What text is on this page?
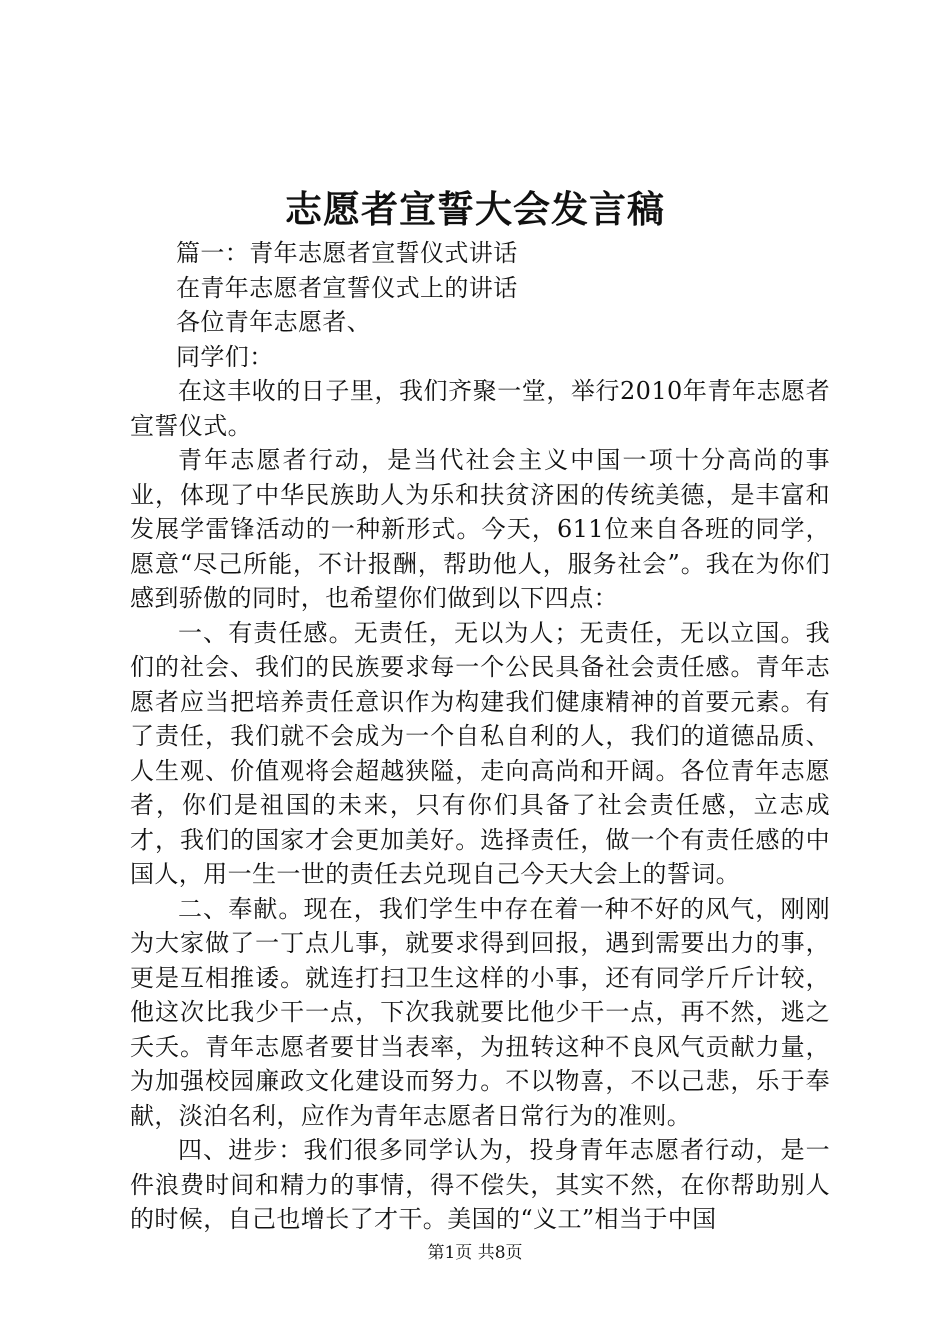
志愿者宣誓大会发言稿

篇一：青年志愿者宣誓仪式讲话

在青年志愿者宣誓仪式上的讲话

各位青年志愿者、

同学们：

在这丰收的日子里，我们齐聚一堂，举行2010年青年志愿者宣誓仪式。

青年志愿者行动，是当代社会主义中国一项十分高尚的事业，体现了中华民族助人为乐和扶贫济困的传统美德，是丰富和发展学雷锋活动的一种新形式。今天，611位来自各班的同学，愿意“尽己所能，不计报酬，帮助他人，服务社会”。我在为你们感到骄傲的同时，也希望你们做到以下四点：

一、有责任感。无责任，无以为人；无责任，无以立国。我们的社会、我们的民族要求每一个公民具备社会责任感。青年志愿者应当把培养责任意识作为构建我们健康精神的首要元素。有了责任，我们就不会成为一个自私自利的人，我们的道德品质、人生观、价值观将会超越狭隘，走向高尚和开阔。各位青年志愿者，你们是祖国的未来，只有你们具备了社会责任感，立志成才，我们的国家才会更加美好。选择责任，做一个有责任感的中国人，用一生一世的责任去兑现自己今天大会上的誓词。

二、奉献。现在，我们学生中存在着一种不好的风气，刚刚为大家做了一丁点儿事，就要求得到回报，遇到需要出力的事，更是互相推诿。就连打扫卫生这样的小事，还有同学斤斤计较，他这次比我少干一点，下次我就要比他少干一点，再不然，逃之夭夭。青年志愿者要甘当表率，为扭转这种不良风气贡献力量，为加强校园廉政文化建设而努力。不以物喜，不以己悲，乐于奉献，淡泊名利，应作为青年志愿者日常行为的准则。

四、进步：我们很多同学认为，投身青年志愿者行动，是一件浪费时间和精力的事情，得不偿失，其实不然，在你帮助别人的时候，自己也增长了才干。美国的“义工”相当于中国

第1页 共8页
